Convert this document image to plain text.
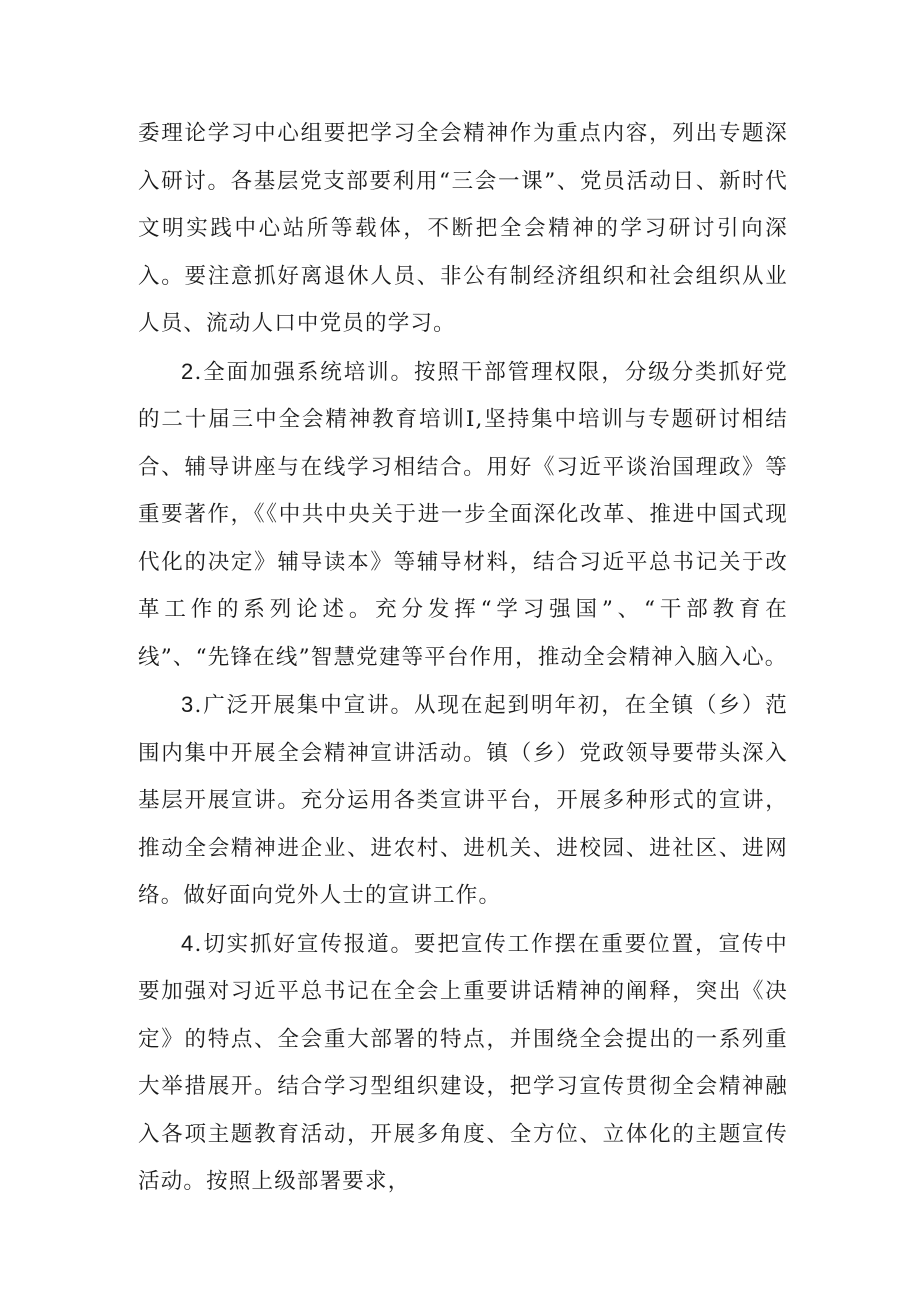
委理论学习中心组要把学习全会精神作为重点内容，列出专题深入研讨。各基层党支部要利用“三会一课”、党员活动日、新时代文明实践中心站所等载体，不断把全会精神的学习研讨引向深入。要注意抓好离退休人员、非公有制经济组织和社会组织从业人员、流动人口中党员的学习。

2.全面加强系统培训。按照干部管理权限，分级分类抓好党的二十届三中全会精神教育培训I,坚持集中培训与专题研讨相结合、辅导讲座与在线学习相结合。用好《习近平谈治国理政》等重要著作，《《中共中央关于进一步全面深化改革、推进中国式现代化的决定》辅导读本》等辅导材料，结合习近平总书记关于改革工作的系列论述。充分发挥“学习强国”、“干部教育在线”、“先锋在线”智慧党建等平台作用，推动全会精神入脑入心。

3.广泛开展集中宣讲。从现在起到明年初，在全镇（乡）范围内集中开展全会精神宣讲活动。镇（乡）党政领导要带头深入基层开展宣讲。充分运用各类宣讲平台，开展多种形式的宣讲，推动全会精神进企业、进农村、进机关、进校园、进社区、进网络。做好面向党外人士的宣讲工作。

4.切实抓好宣传报道。要把宣传工作摆在重要位置，宣传中要加强对习近平总书记在全会上重要讲话精神的阐释，突出《决定》的特点、全会重大部署的特点，并围绕全会提出的一系列重大举措展开。结合学习型组织建设，把学习宣传贯彻全会精神融入各项主题教育活动，开展多角度、全方位、立体化的主题宣传活动。按照上级部署要求，
